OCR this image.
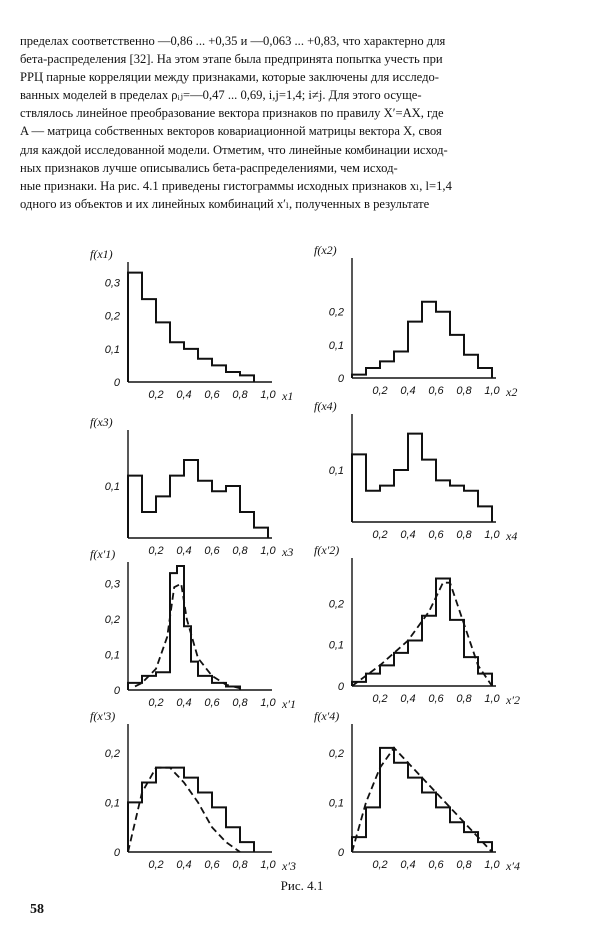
пределах соответственно —0,86 ... +0,35 и —0,063 ... +0,83, что характерно для
бета-распределения [32]. На этом этапе была предпринята попытка учесть при
РРЦ парные корреляции между признаками, которые заключены для исследо-
ванных моделей в пределах ρᵢⱼ=—0,47 ... 0,69, i,j=1,4; i≠j. Для этого осуще-
ствлялось линейное преобразование вектора признаков по правилу X′=AX, где
A — матрица собственных векторов ковариационной матрицы вектора X, своя
для каждой исследованной модели. Отметим, что линейные комбинации исход-
ных признаков лучше описывались бета-распределениями, чем исход-
ные признаки. На рис. 4.1 приведены гистограммы исходных признаков xₗ, l=1,4
одного из объектов и их линейных комбинаций x′ₗ, полученных в результате
f(x1)
0,3
0,2
0,1
0
0,2 0,4 0,6 0,8 1,0 x1
f(x2)
0,2
0,1
0
0,2 0,4 0,6 0,8 1,0 x2
f(x3)
0,1
0,2 0,4 0,6 0,8 1,0 x3
f(x4)
0,1
0,2 0,4 0,6 0,8 1,0 x4
f(x′1)
0,3
0,2
0,1
0
0,2 0,4 0,6 0,8 1,0 x′1
f(x′2)
0,2
0,1
0
0,2 0,4 0,6 0,8 1,0 x′2
f(x′3)
0,2
0,1
0
0,2 0,4 0,6 0,8 1,0 x′3
f(x′4)
0,2
0,1
0
0,2 0,4 0,6 0,8 1,0 x′4
Рис. 4.1
58
